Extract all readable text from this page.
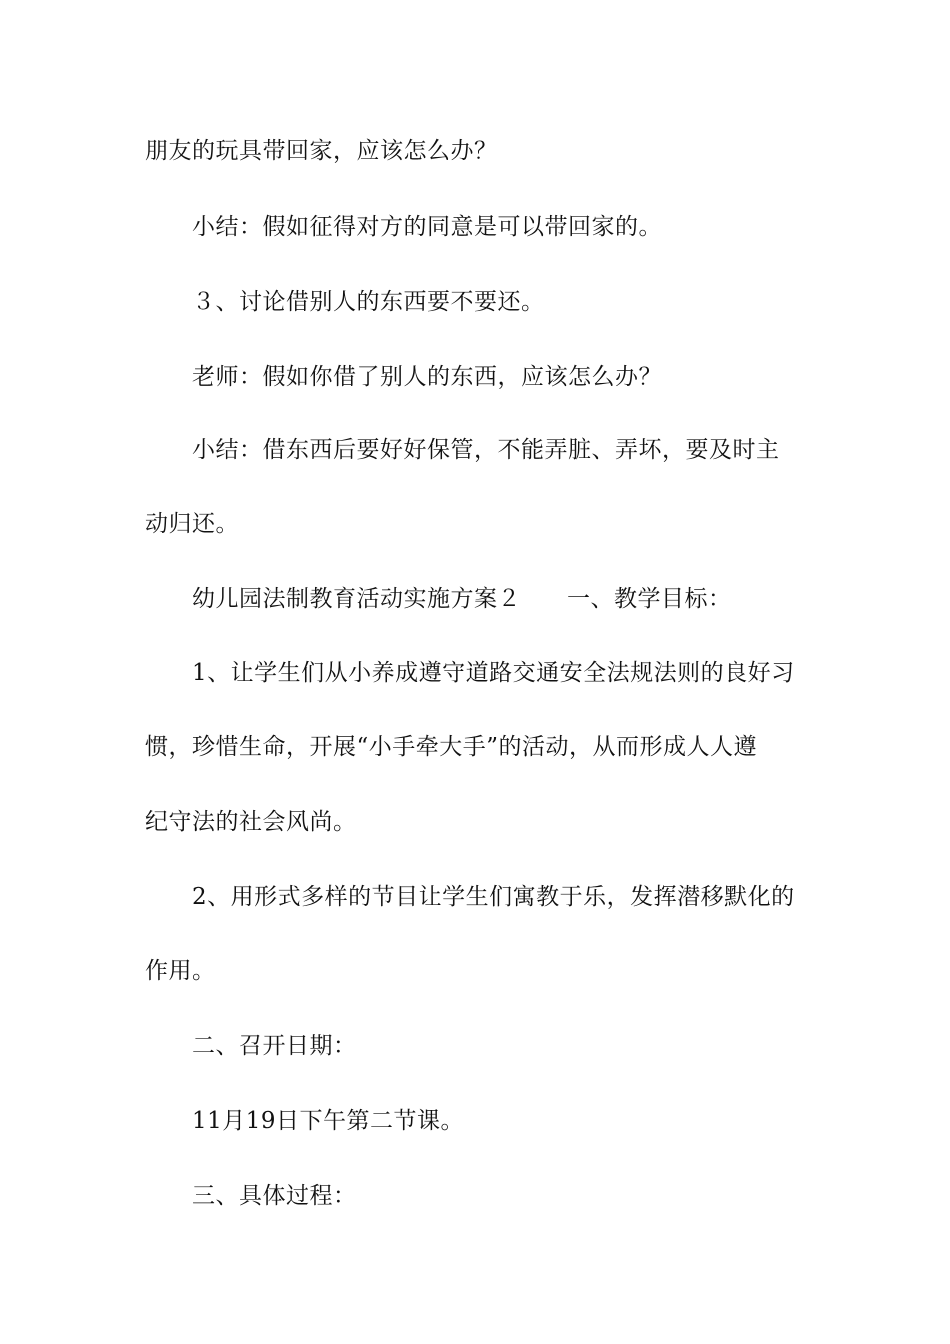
朋友的玩具带回家，应该怎么办？
小结：假如征得对方的同意是可以带回家的。
３、讨论借别人的东西要不要还。
老师：假如你借了别人的东西，应该怎么办？
小结：借东西后要好好保管，不能弄脏、弄坏，要及时主
动归还。
幼儿园法制教育活动实施方案２ 一、教学目标：
1、让学生们从小养成遵守道路交通安全法规法则的良好习
惯，珍惜生命，开展“小手牵大手”的活动，从而形成人人遵
纪守法的社会风尚。
2、用形式多样的节目让学生们寓教于乐，发挥潜移默化的
作用。
二、召开日期：
11月19日下午第二节课。
三、具体过程：
